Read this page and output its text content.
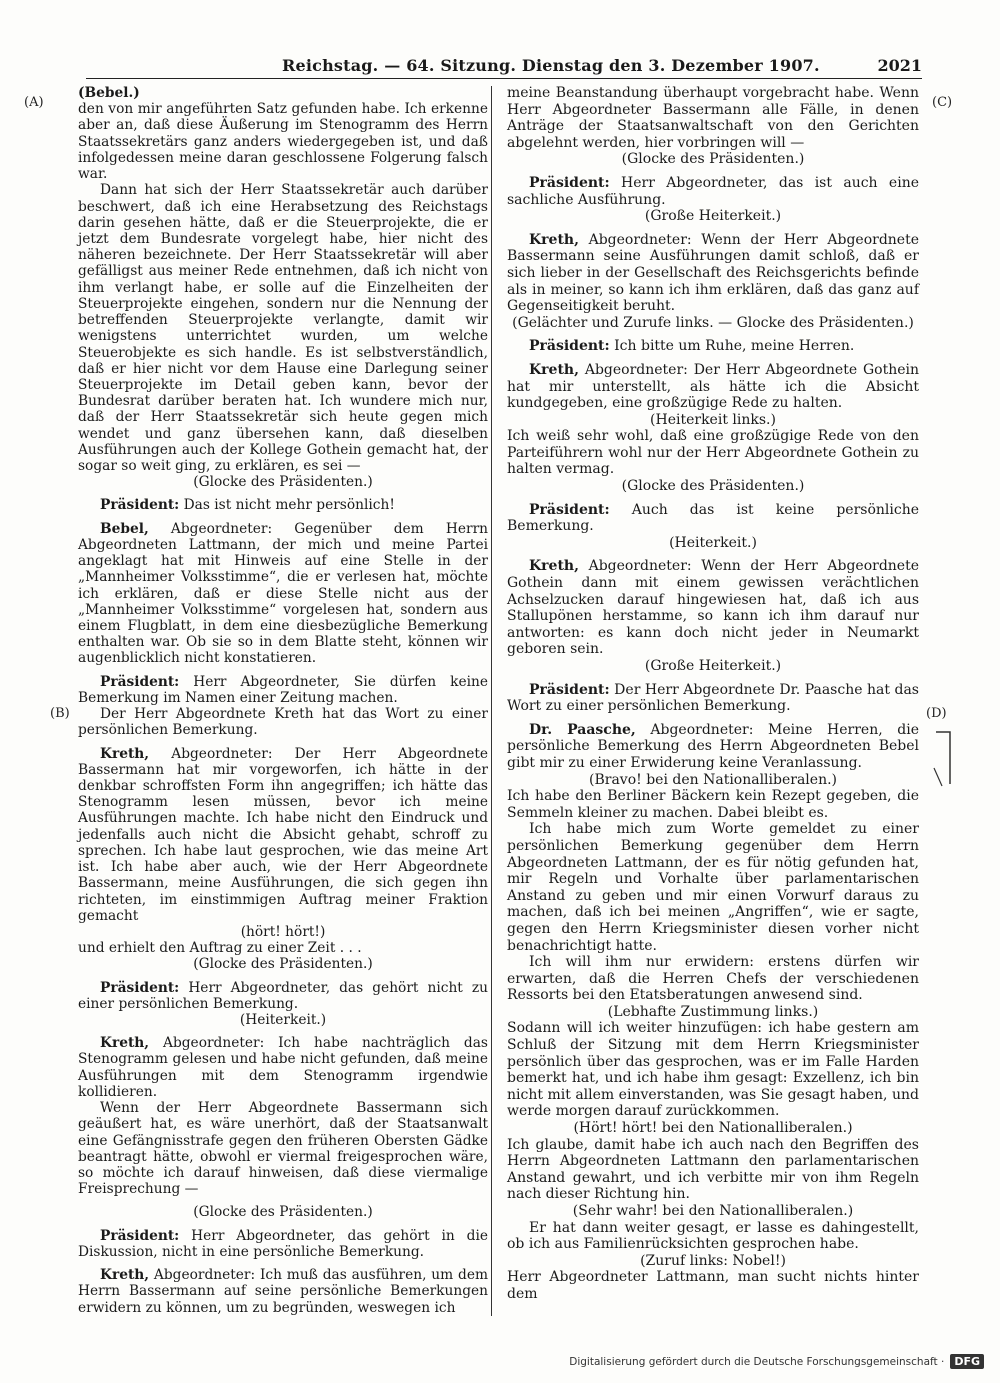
Reichstag. — 64. Sitzung. Dienstag den 3. Dezember 1907.	2021
(A)
(B)
(C)
(D)

(Bebel.)

den von mir angeführten Satz gefunden habe. Ich erkenne aber an, daß diese Äußerung im Stenogramm des Herrn Staatssekretärs ganz anders wiedergegeben ist, und daß infolgedessen meine daran geschlossene Folgerung falsch war.

Dann hat sich der Herr Staatssekretär auch darüber beschwert, daß ich eine Herabsetzung des Reichstags darin gesehen hätte, daß er die Steuerprojekte, die er jetzt dem Bundesrate vorgelegt habe, hier nicht des näheren bezeichnete. Der Herr Staatssekretär will aber gefälligst aus meiner Rede entnehmen, daß ich nicht von ihm verlangt habe, er solle auf die Einzelheiten der Steuerprojekte eingehen, sondern nur die Nennung der betreffenden Steuerprojekte verlangte, damit wir wenigstens unterrichtet wurden, um welche Steuerobjekte es sich handle. Es ist selbstverständlich, daß er hier nicht vor dem Hause eine Darlegung seiner Steuerprojekte im Detail geben kann, bevor der Bundesrat darüber beraten hat. Ich wundere mich nur, daß der Herr Staatssekretär sich heute gegen mich wendet und ganz übersehen kann, daß dieselben Ausführungen auch der Kollege Gothein gemacht hat, der sogar so weit ging, zu erklären, es sei —

(Glocke des Präsidenten.)

Präsident: Das ist nicht mehr persönlich!

Bebel, Abgeordneter: Gegenüber dem Herrn Abgeordneten Lattmann, der mich und meine Partei angeklagt hat mit Hinweis auf eine Stelle in der „Mannheimer Volksstimme“, die er verlesen hat, möchte ich erklären, daß er diese Stelle nicht aus der „Mannheimer Volksstimme“ vorgelesen hat, sondern aus einem Flugblatt, in dem eine diesbezügliche Bemerkung enthalten war. Ob sie so in dem Blatte steht, können wir augenblicklich nicht konstatieren.

Präsident: Herr Abgeordneter, Sie dürfen keine Bemerkung im Namen einer Zeitung machen.

Der Herr Abgeordnete Kreth hat das Wort zu einer persönlichen Bemerkung.

Kreth, Abgeordneter: Der Herr Abgeordnete Bassermann hat mir vorgeworfen, ich hätte in der denkbar schroffsten Form ihn angegriffen; ich hätte das Stenogramm lesen müssen, bevor ich meine Ausführungen machte. Ich habe nicht den Eindruck und jedenfalls auch nicht die Absicht gehabt, schroff zu sprechen. Ich habe laut gesprochen, wie das meine Art ist. Ich habe aber auch, wie der Herr Abgeordnete Bassermann, meine Ausführungen, die sich gegen ihn richteten, im einstimmigen Auftrag meiner Fraktion gemacht

(hört! hört!)

und erhielt den Auftrag zu einer Zeit . . .

(Glocke des Präsidenten.)

Präsident: Herr Abgeordneter, das gehört nicht zu einer persönlichen Bemerkung.

(Heiterkeit.)

Kreth, Abgeordneter: Ich habe nachträglich das Stenogramm gelesen und habe nicht gefunden, daß meine Ausführungen mit dem Stenogramm irgendwie kollidieren.

Wenn der Herr Abgeordnete Bassermann sich geäußert hat, es wäre unerhört, daß der Staatsanwalt eine Gefängnisstrafe gegen den früheren Obersten Gädke beantragt hätte, obwohl er viermal freigesprochen wäre, so möchte ich darauf hinweisen, daß diese viermalige Freisprechung —

(Glocke des Präsidenten.)

Präsident: Herr Abgeordneter, das gehört in die Diskussion, nicht in eine persönliche Bemerkung.

Kreth, Abgeordneter: Ich muß das ausführen, um dem Herrn Bassermann auf seine persönliche Bemerkungen erwidern zu können, um zu begründen, weswegen ich

meine Beanstandung überhaupt vorgebracht habe. Wenn Herr Abgeordneter Bassermann alle Fälle, in denen Anträge der Staatsanwaltschaft von den Gerichten abgelehnt werden, hier vorbringen will —

(Glocke des Präsidenten.)

Präsident: Herr Abgeordneter, das ist auch eine sachliche Ausführung.

(Große Heiterkeit.)

Kreth, Abgeordneter: Wenn der Herr Abgeordnete Bassermann seine Ausführungen damit schloß, daß er sich lieber in der Gesellschaft des Reichsgerichts befinde als in meiner, so kann ich ihm erklären, daß das ganz auf Gegenseitigkeit beruht.

(Gelächter und Zurufe links. — Glocke des Präsidenten.)

Präsident: Ich bitte um Ruhe, meine Herren.

Kreth, Abgeordneter: Der Herr Abgeordnete Gothein hat mir unterstellt, als hätte ich die Absicht kundgegeben, eine großzügige Rede zu halten.

(Heiterkeit links.)

Ich weiß sehr wohl, daß eine großzügige Rede von den Parteiführern wohl nur der Herr Abgeordnete Gothein zu halten vermag.

(Glocke des Präsidenten.)

Präsident: Auch das ist keine persönliche Bemerkung.

(Heiterkeit.)

Kreth, Abgeordneter: Wenn der Herr Abgeordnete Gothein dann mit einem gewissen verächtlichen Achselzucken darauf hingewiesen hat, daß ich aus Stallupönen herstamme, so kann ich ihm darauf nur antworten: es kann doch nicht jeder in Neumarkt geboren sein.

(Große Heiterkeit.)

Präsident: Der Herr Abgeordnete Dr. Paasche hat das Wort zu einer persönlichen Bemerkung.

Dr. Paasche, Abgeordneter: Meine Herren, die persönliche Bemerkung des Herrn Abgeordneten Bebel gibt mir zu einer Erwiderung keine Veranlassung.

(Bravo! bei den Nationalliberalen.)

Ich habe den Berliner Bäckern kein Rezept gegeben, die Semmeln kleiner zu machen. Dabei bleibt es.

Ich habe mich zum Worte gemeldet zu einer persönlichen Bemerkung gegenüber dem Herrn Abgeordneten Lattmann, der es für nötig gefunden hat, mir Regeln und Vorhalte über parlamentarischen Anstand zu geben und mir einen Vorwurf daraus zu machen, daß ich bei meinen „Angriffen“, wie er sagte, gegen den Herrn Kriegsminister diesen vorher nicht benachrichtigt hatte.

Ich will ihm nur erwidern: erstens dürfen wir erwarten, daß die Herren Chefs der verschiedenen Ressorts bei den Etatsberatungen anwesend sind.

(Lebhafte Zustimmung links.)

Sodann will ich weiter hinzufügen: ich habe gestern am Schluß der Sitzung mit dem Herrn Kriegsminister persönlich über das gesprochen, was er im Falle Harden bemerkt hat, und ich habe ihm gesagt: Exzellenz, ich bin nicht mit allem einverstanden, was Sie gesagt haben, und werde morgen darauf zurückkommen.

(Hört! hört! bei den Nationalliberalen.)

Ich glaube, damit habe ich auch nach den Begriffen des Herrn Abgeordneten Lattmann den parlamentarischen Anstand gewahrt, und ich verbitte mir von ihm Regeln nach dieser Richtung hin.

(Sehr wahr! bei den Nationalliberalen.)

Er hat dann weiter gesagt, er lasse es dahingestellt, ob ich aus Familienrücksichten gesprochen habe.

(Zuruf links: Nobel!)

Herr Abgeordneter Lattmann, man sucht nichts hinter dem

Digitalisierung gefördert durch die Deutsche Forschungsgemeinschaft · DFG
